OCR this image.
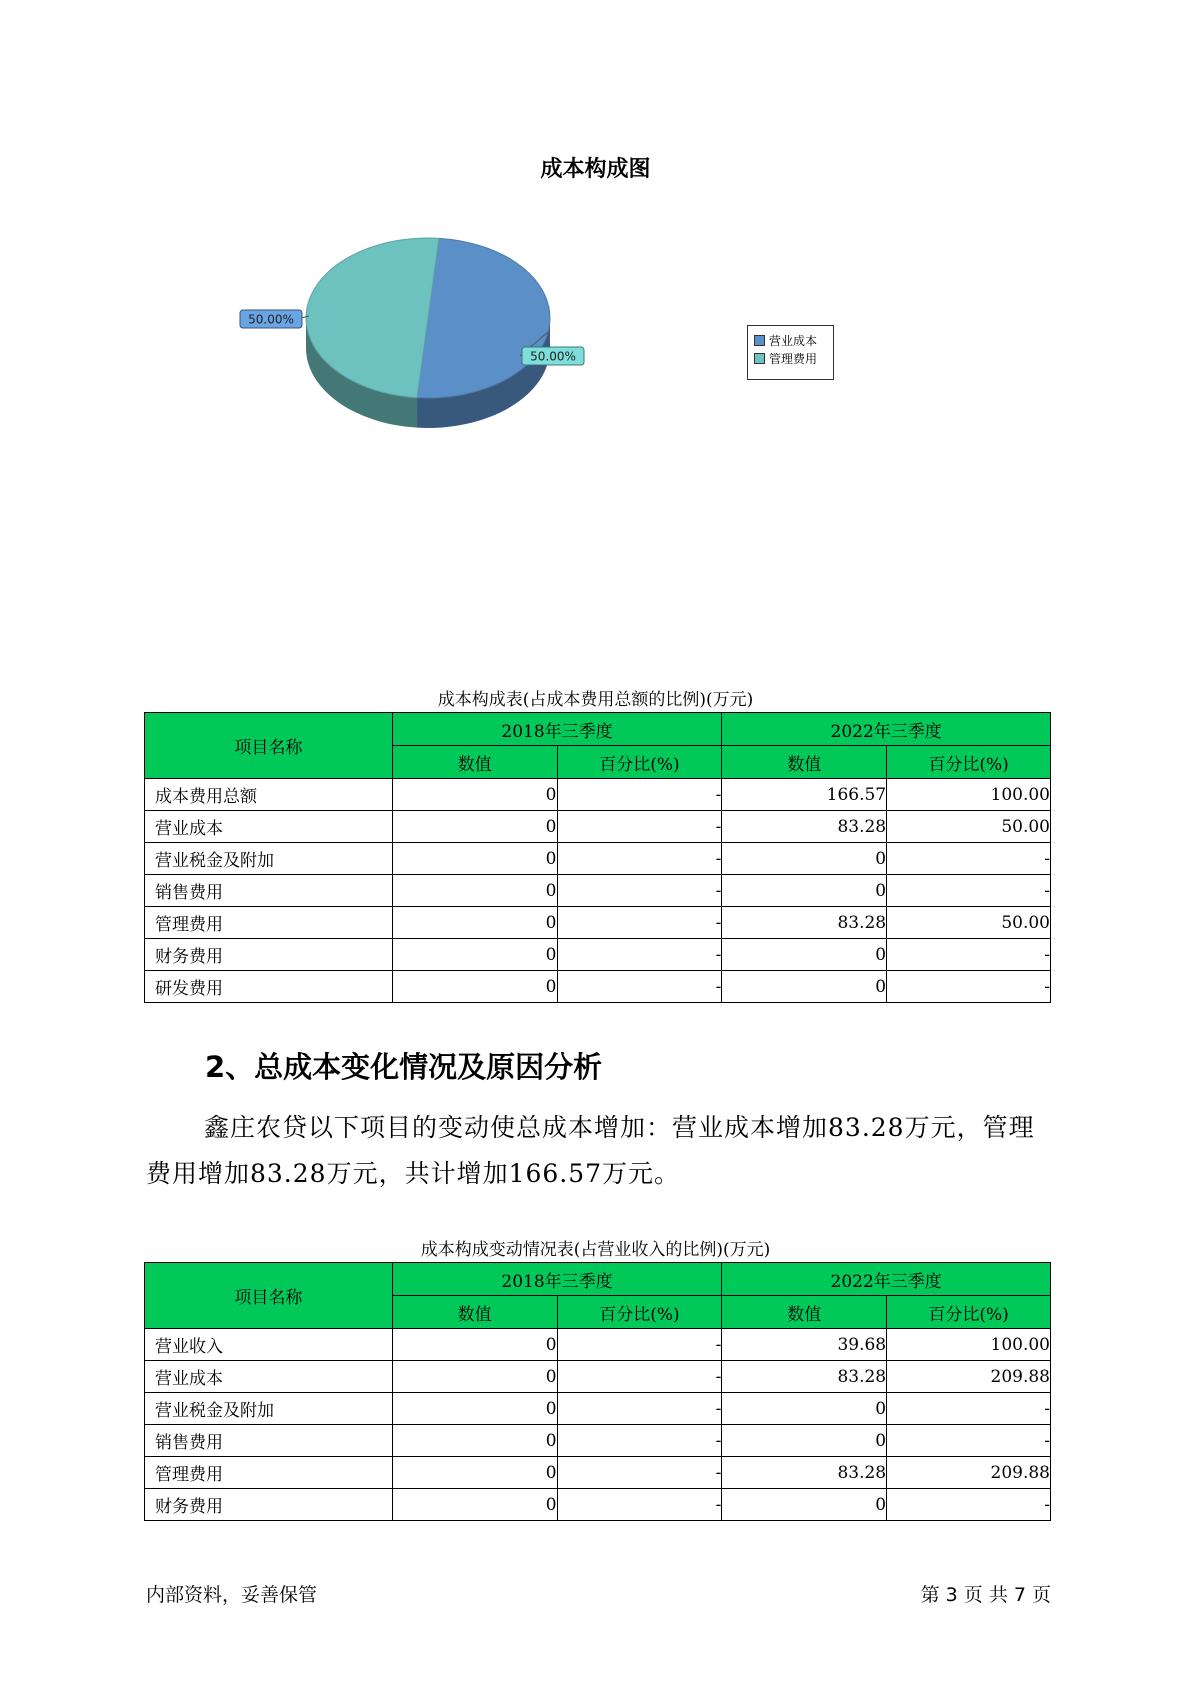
成本构成图
50.00%
50.00%
营业成本
管理费用
成本构成表(占成本费用总额的比例)(万元)
项目名称	2018年三季度		2022年三季度	
	数值	百分比(%)	数值	百分比(%)
成本费用总额	0	-	166.57	100.00
营业成本	0	-	83.28	50.00
营业税金及附加	0	-	0	-
销售费用	0	-	0	-
管理费用	0	-	83.28	50.00
财务费用	0	-	0	-
研发费用	0	-	0	-
2、总成本变化情况及原因分析
鑫庄农贷以下项目的变动使总成本增加：营业成本增加83.28万元，管理费用增加83.28万元，共计增加166.57万元。
成本构成变动情况表(占营业收入的比例)(万元)
项目名称	2018年三季度		2022年三季度	
	数值	百分比(%)	数值	百分比(%)
营业收入	0	-	39.68	100.00
营业成本	0	-	83.28	209.88
营业税金及附加	0	-	0	-
销售费用	0	-	0	-
管理费用	0	-	83.28	209.88
财务费用	0	-	0	-
内部资料，妥善保管	第 3 页 共 7 页
